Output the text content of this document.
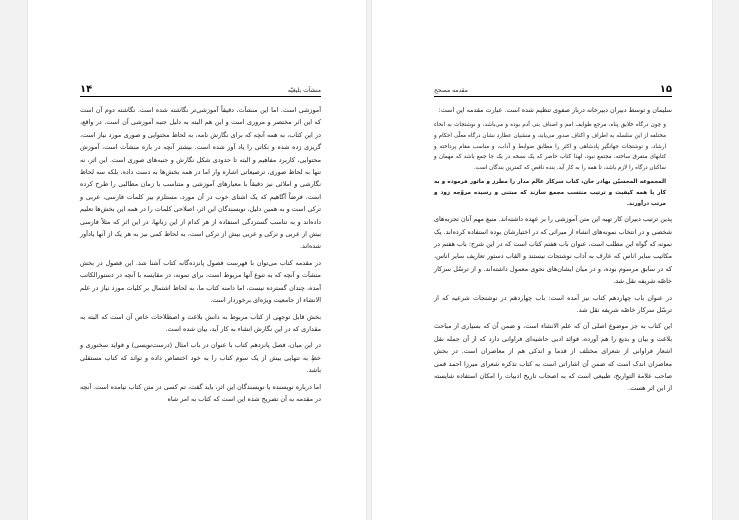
۱۴	منشآت بلیغیّه

آموزشی است. اما این منشآت، دقیقاً آموزشی‌تر نگاشته شده است. نگاشته دوم آن است که این اثر مختصر و مروری است و این هم البته به دلیل جنبه آموزشی آن است. در واقع، در این کتاب، به همه آنچه که برای نگارش نامه، به لحاظ محتوایی و صوری مورد نیاز است، گریزی زده شده و نکاتی را یاد آور شده است. بیشتر آنچه در باره منشآت است، آموزش محتوایی، کاربرد مفاهیم و البته تا حدودی شکل نگارش و جنبه‌های صوری است. این اثر، نه تنها به لحاظ صوری، ترصیعاتی اشاره وار اما در همه بخش‌ها به دست داده، بلکه سه لحاظ نگارشی و املائی نیز دقیقاً با معیارهای آموزشی و متناسب با زمان مطالبی را طرح کرده است. فرضاً آگاهیم که یک اشتای خوب در آن مورد، مستلزم بیر کلمات فارسی، عربی و ترکی است و به همین دلیل، نویسندگان این اثر، اصلاحی کلمات را در همه این بخش‌ها تعلیم داده‌اند و به تناسب گستردگی استفاده از هر کدام از این زبانها، در این اثر که مثلاً فارسی بیش از عربی و ترکی و عربی بیش از ترکی است، به لحاظ کمی نیز به هر یک از آنها یادآور شده‌اند.

در مقدمه کتاب می‌توان با فهرست فصول پانزده‌گانه کتاب آشنا شد. این فصول در بخش منشآت و آنچه که به تنوع آنها مربوط است، برای نمونه، در مقایسه با آنچه در دستورالکاتب آمده، چندان گسترده نیست، اما دامنه کتاب ما، به لحاظ اشتمال بر کلیات مورد نیاز در علم الانشاء از جامعیت ویژه‌ای برخوردار است.

بخش قابل توجهی از کتاب مربوط به دانش بلاغت و اصطلاحات خاص آن است که البته به مقداری که در این نگارش انشاء به کار آید، بیان شده است.

در این میان، فصل پانزدهم کتاب با عنوان در باب امثال (درست‌نویسی) و فواید سخنوری و خطِ به تنهایی بیش از یک سوم کتاب را به خود اختصاص داده و تواند که کتاب مستقلی باشد.

اما درباره نویسنده یا نویسندگان این اثر، باید گفت، تم کسی در متن کتاب نیامده است. آنچه در مقدمه به آن تصریح شده این است که کتاب به امر شاه

۱۵
مقدمه مصحح

سلیمان و توسط دبیران دبیرخانه دربار صفوی تنظیم شده است. عبارت مقدمه این است:

و چون درگاه خلایق پناه، مرجع طوایف امم و اصناف بنی آدم بوده و می‌باشد، و نوشتجات به انحاء مختلفه از این سلسله به اطراف و اکناف صدور می‌یابد، و منشیان عطاردِ نشان درگاه معلّی احکام و ارشاد، و نوشتجات جهانگیرِ پادشاهی و اکثر را مطابق ضوابط و آداب، و مناسب مقام پرداخته و کتابهای متفرق ساخته، مجتمع نبود، لهذا کتاب حاضر که یک نسخه در یک جا جمع باشد که مهمان و ساکنان درگاه را لازم باشد، تا همه را به کار آید. بنده ناقص که کمترین بندگان است.

المجموعه المحسیّن بهادر خان، کتاب سرکار عالم مدار را مطرز و ماثور فرموده و به کار با همه کیفیت و ترتیب منتسب مجمع سازند که مبتنی و رسیده مروّجه زود و مرتب درآورند.

پدین ترتیب دبیران کار تهیه این متن آموزشی را بر عهده داشته‌اند. منبع مهم آنان تجربه‌های شخصی و در انتخاب نمونه‌های انشاء از میراثی که در اختیارشان بوده استفاده کرده‌اند. یک نمونه که گواه این مطلب است، عنوان باب هفتم کتاب است که در این شرح: باب هفتم در مکاتیب سایر اناس که عارف به آداب نوشتجات نیستند و القاب دستور تعاریف سایر اناس، که در سابق مرسوم بوده، و در میان ایشان‌های نحوی معمول داشته‌اند. و از ترسّل سرکار خاصّه شریفه نقل شد.

در عنوان باب چهاردهم کتاب نیز آمده است: باب چهاردهم در نوشتجات شرعیه که از ترسّل سرکار خاصّه شریفه نقل شد.

این کتاب به جز موضوع اصلی آن که علم الانشاء است، و ضمن آن که بسیاری از مباحث بلاغت و بیان و بدیع را هم آورده، فوائد ادبی حاشیه‌ای فراوانی دارد که از آن جمله نقل اشعار فراوانی از شعرای مختلف از قدما و اندکی هم از معاصران است. در بخش معاصران اندک است که ضمن آن اشاراتی است به کتاب تذکره شعرای میرزا احمد قمی صاحب علامة التواریخ، طبیعی است که به اصحاب تاریخ ادبیات را امکان استفاده شایسته از این اثر هست.
